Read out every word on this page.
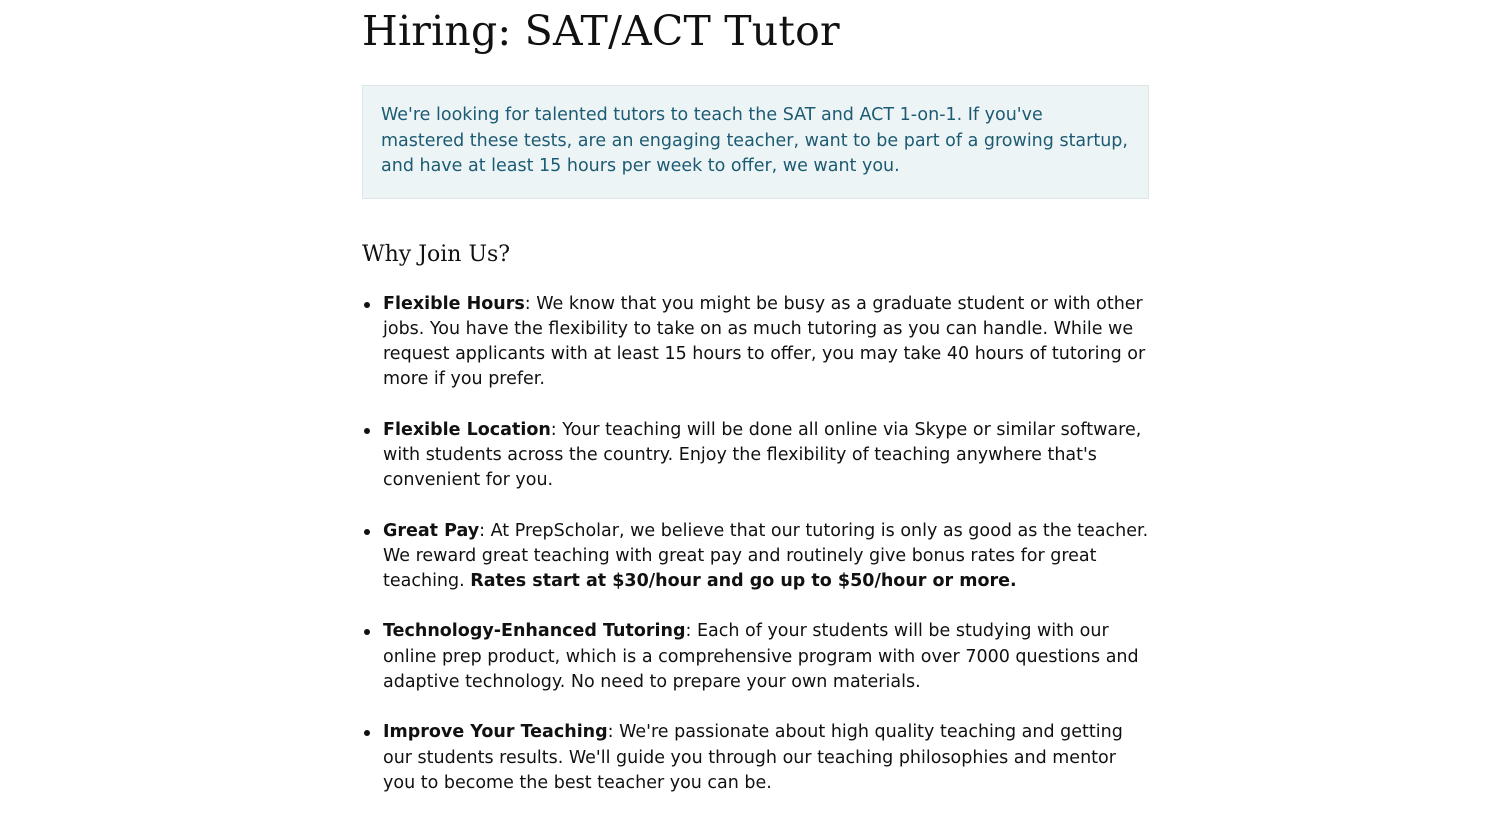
Hiring: SAT/ACT Tutor
We're looking for talented tutors to teach the SAT and ACT 1-on-1. If you've mastered these tests, are an engaging teacher, want to be part of a growing startup, and have at least 15 hours per week to offer, we want you.
Why Join Us?
Flexible Hours: We know that you might be busy as a graduate student or with other jobs. You have the flexibility to take on as much tutoring as you can handle. While we request applicants with at least 15 hours to offer, you may take 40 hours of tutoring or more if you prefer.
Flexible Location: Your teaching will be done all online via Skype or similar software, with students across the country. Enjoy the flexibility of teaching anywhere that's convenient for you.
Great Pay: At PrepScholar, we believe that our tutoring is only as good as the teacher. We reward great teaching with great pay and routinely give bonus rates for great teaching. Rates start at $30/hour and go up to $50/hour or more.
Technology-Enhanced Tutoring: Each of your students will be studying with our online prep product, which is a comprehensive program with over 7000 questions and adaptive technology. No need to prepare your own materials.
Improve Your Teaching: We're passionate about high quality teaching and getting our students results. We'll guide you through our teaching philosophies and mentor you to become the best teacher you can be.
